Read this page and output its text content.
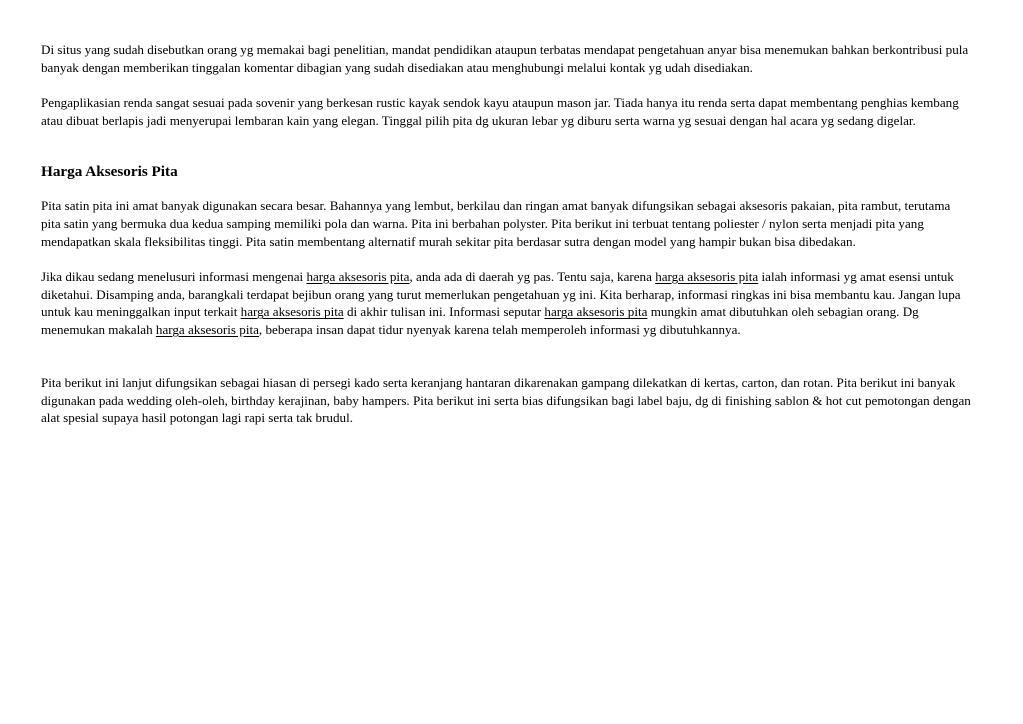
Di situs yang sudah disebutkan orang yg memakai bagi penelitian, mandat pendidikan ataupun terbatas mendapat pengetahuan anyar bisa menemukan bahkan berkontribusi pula banyak dengan memberikan tinggalan komentar dibagian yang sudah disediakan atau menghubungi melalui kontak yg udah disediakan.

Pengaplikasian renda sangat sesuai pada sovenir yang berkesan rustic kayak sendok kayu ataupun mason jar. Tiada hanya itu renda serta dapat membentang penghias kembang atau dibuat berlapis jadi menyerupai lembaran kain yang elegan. Tinggal pilih pita dg ukuran lebar yg diburu serta warna yg sesuai dengan hal acara yg sedang digelar.

Harga Aksesoris Pita

Pita satin pita ini amat banyak digunakan secara besar. Bahannya yang lembut, berkilau dan ringan amat banyak difungsikan sebagai aksesoris pakaian, pita rambut, terutama pita satin yang bermuka dua kedua samping memiliki pola dan warna. Pita ini berbahan polyster. Pita berikut ini terbuat tentang poliester / nylon serta menjadi pita yang mendapatkan skala fleksibilitas tinggi. Pita satin membentang alternatif murah sekitar pita berdasar sutra dengan model yang hampir bukan bisa dibedakan.

Jika dikau sedang menelusuri informasi mengenai harga aksesoris pita, anda ada di daerah yg pas. Tentu saja, karena harga aksesoris pita ialah informasi yg amat esensi untuk diketahui. Disamping anda, barangkali terdapat bejibun orang yang turut memerlukan pengetahuan yg ini. Kita berharap, informasi ringkas ini bisa membantu kau. Jangan lupa untuk kau meninggalkan input terkait harga aksesoris pita di akhir tulisan ini. Informasi seputar harga aksesoris pita mungkin amat dibutuhkan oleh sebagian orang. Dg menemukan makalah harga aksesoris pita, beberapa insan dapat tidur nyenyak karena telah memperoleh informasi yg dibutuhkannya.

Pita berikut ini lanjut difungsikan sebagai hiasan di persegi kado serta keranjang hantaran dikarenakan gampang dilekatkan di kertas, carton, dan rotan. Pita berikut ini banyak digunakan pada wedding oleh-oleh, birthday kerajinan, baby hampers. Pita berikut ini serta bias difungsikan bagi label baju, dg di finishing sablon & hot cut pemotongan dengan alat spesial supaya hasil potongan lagi rapi serta tak brudul.
